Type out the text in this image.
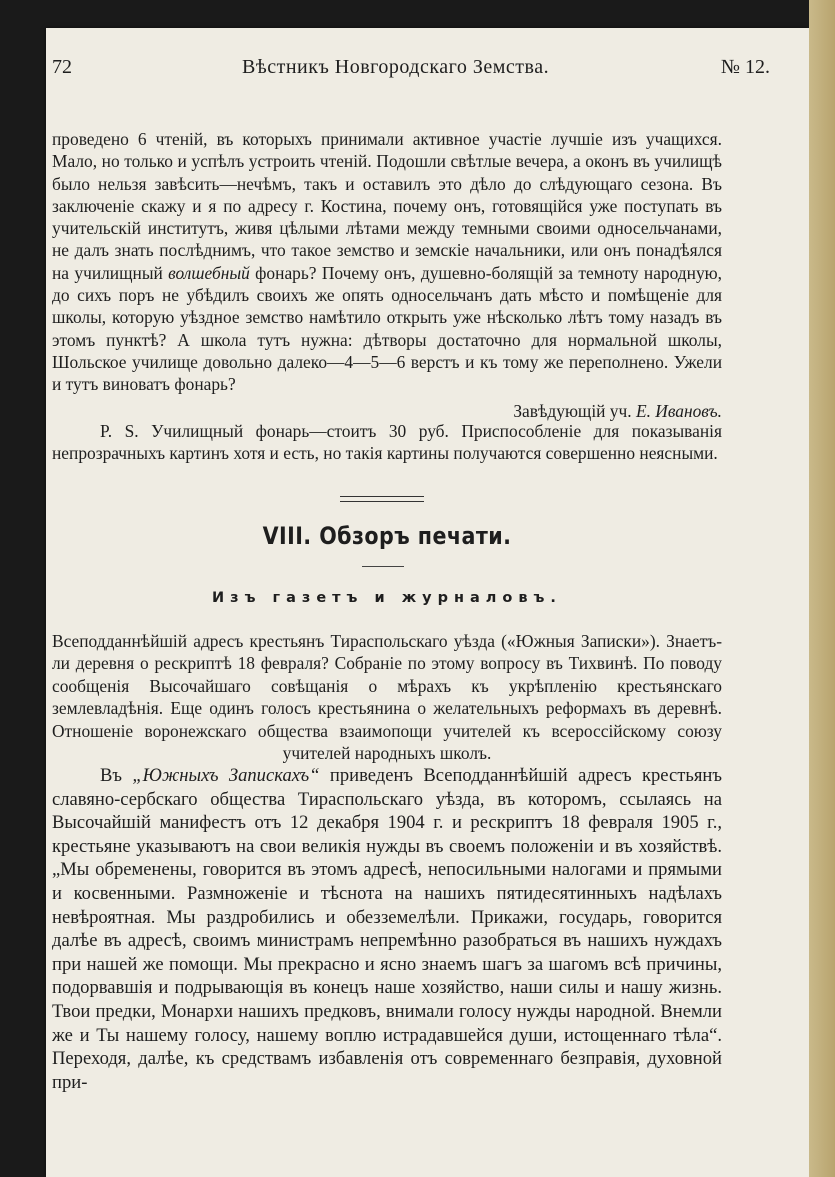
72	Вѣстникъ Новгородскаго Земства.	№ 12.

проведено 6 чтеній, въ которыхъ принимали активное участіе лучшіе изъ учащихся. Мало, но только и успѣлъ устроить чтеній. Подошли свѣтлые вечера, а оконъ въ училищѣ было нельзя завѣсить—нечѣмъ, такъ и оставилъ это дѣло до слѣдующаго сезона. Въ заключеніе скажу и я по адресу г. Костина, почему онъ, готовящійся уже поступать въ учительскій институтъ, живя цѣлыми лѣтами между темными своими односельчанами, не далъ знать послѣднимъ, что такое земство и земскіе начальники, или онъ понадѣялся на училищный волшебный фонарь? Почему онъ, душевно-болящій за темноту народную, до сихъ поръ не убѣдилъ своихъ же опять односельчанъ дать мѣсто и помѣщеніе для школы, которую уѣздное земство намѣтило открыть уже нѣсколько лѣтъ тому назадъ въ этомъ пунктѣ? А школа тутъ нужна: дѣтворы достаточно для нормальной школы, Шольское училище довольно далеко—4—5—6 верстъ и къ тому же переполнено. Ужели и тутъ виноватъ фонарь?

Завѣдующій уч. Е. Ивановъ.

P. S. Училищный фонарь—стоитъ 30 руб. Приспособленіе для показыванія непрозрачныхъ картинъ хотя и есть, но такія картины получаются совершенно неясными.

VIII. Обзоръ печати.
Изъ газетъ и журналовъ.
Всеподданнѣйшій адресъ крестьянъ Тираспольскаго уѣзда («Южныя Записки»). Знаетъ-ли деревня о рескриптѣ 18 февраля? Собраніе по этому вопросу въ Тихвинѣ. По поводу сообщенія Высочайшаго совѣщанія о мѣрахъ къ укрѣпленію крестьянскаго землевладѣнія. Еще одинъ голосъ крестьянина о желательныхъ реформахъ въ деревнѣ. Отношеніе воронежскаго общества взаимопощи учителей къ всероссійскому союзу учителей народныхъ школъ.
Въ „Южныхъ Запискахъ“ приведенъ Всеподданнѣйшій адресъ крестьянъ славяно-сербскаго общества Тираспольскаго уѣзда, въ которомъ, ссылаясь на Высочайшій манифестъ отъ 12 декабря 1904 г. и рескриптъ 18 февраля 1905 г., крестьяне указываютъ на свои великія нужды въ своемъ положеніи и въ хозяйствѣ. „Мы обременены, говорится въ этомъ адресѣ, непосильными налогами и прямыми и косвенными. Размноженіе и тѣснота на нашихъ пятидесятинныхъ надѣлахъ невѣроятная. Мы раздробились и обезземелѣли. Прикажи, государь, говорится далѣе въ адресѣ, своимъ министрамъ непремѣнно разобраться въ нашихъ нуждахъ при нашей же помощи. Мы прекрасно и ясно знаемъ шагъ за шагомъ всѣ причины, подорвавшія и подрывающія въ конецъ наше хозяйство, наши силы и нашу жизнь. Твои предки, Монархи нашихъ предковъ, внимали голосу нужды народной. Внемли же и Ты нашему голосу, нашему воплю истрадавшейся души, истощеннаго тѣла“. Переходя, далѣе, къ средствамъ избавленія отъ современнаго безправія, духовной при-
